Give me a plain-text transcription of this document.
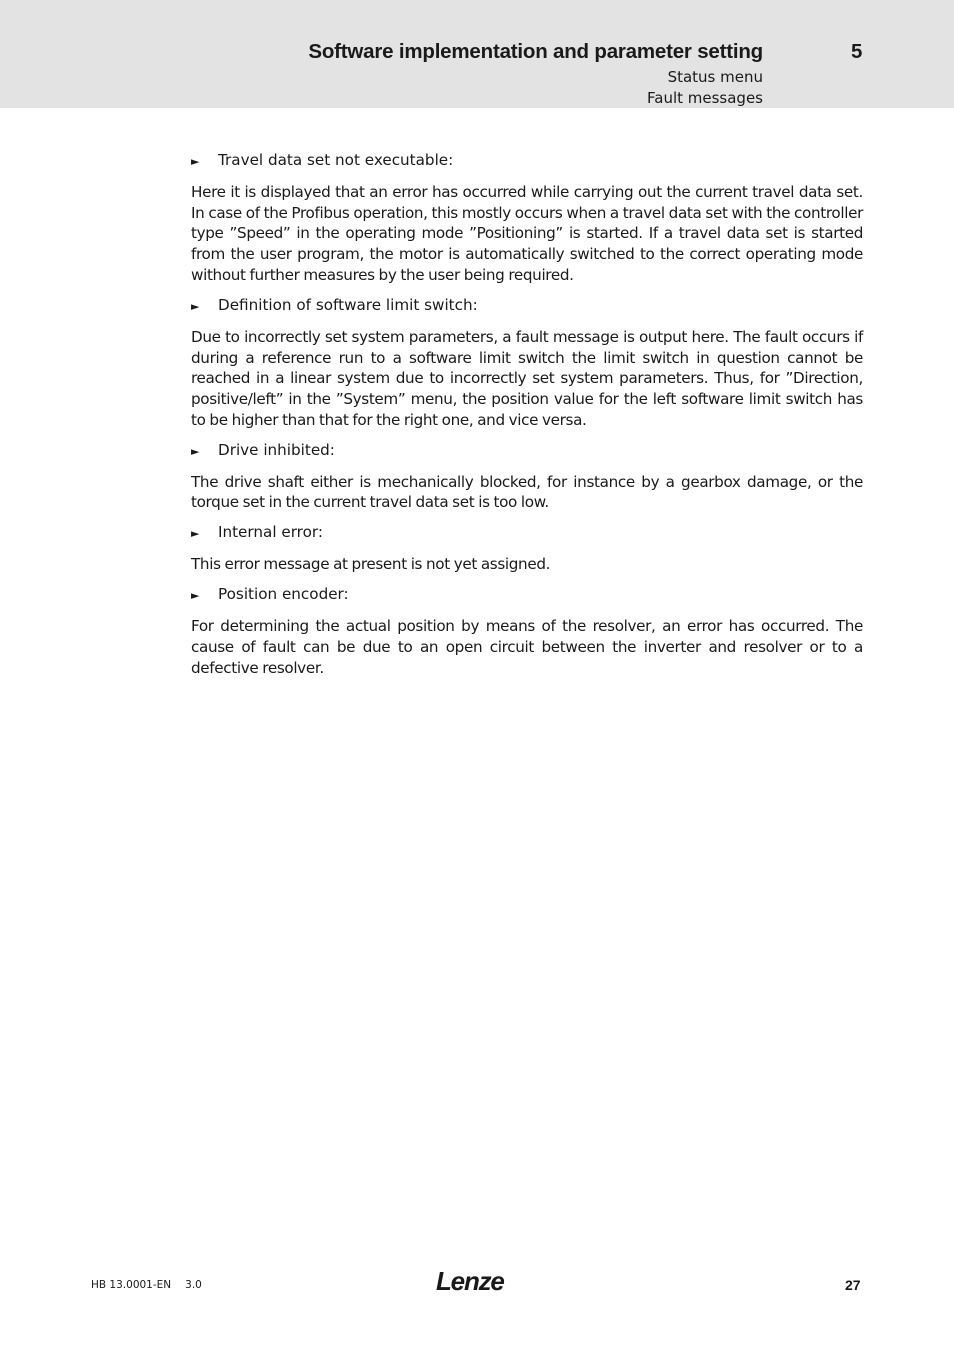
Software implementation and parameter setting	5
Status menu
Fault messages
►	Travel data set not executable:

Here it is displayed that an error has occurred while carrying out the current travel data set. In case of the Profibus operation, this mostly occurs when a travel data set with the controller type ”Speed” in the operating mode ”Positioning” is started. If a travel data set is started from the user program, the motor is automatically switched to the correct operating mode without further measures by the user being required.

►	Definition of software limit switch:

Due to incorrectly set system parameters, a fault message is output here. The fault occurs if during a reference run to a software limit switch the limit switch in question cannot be reached in a linear system due to incorrectly set system parameters. Thus, for ”Direction, positive/left” in the ”System” menu, the position value for the left software limit switch has to be higher than that for the right one, and vice versa.

►	Drive inhibited:

The drive shaft either is mechanically blocked, for instance by a gearbox damage, or the torque set in the current travel data set is too low.

►	Internal error:

This error message at present is not yet assigned.

►	Position encoder:

For determining the actual position by means of the resolver, an error has occurred. The cause of fault can be due to an open circuit between the inverter and resolver or to a defective resolver.

HB 13.0001-EN 3.0	Lenze	27
